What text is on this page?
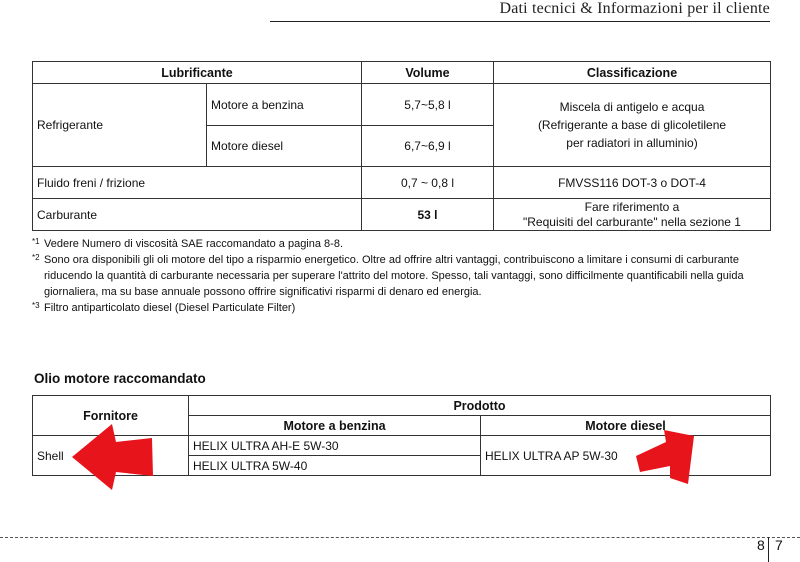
Dati tecnici & Informazioni per il cliente
Lubrificante		Volume	Classificazione
Refrigerante	Motore a benzina	5,7~5,8 l	Miscela di antigelo e acqua
(Refrigerante a base di glicoletilene
per radiatori in alluminio)

	Motore diesel	6,7~6,9 l	
Fluido freni / frizione		0,7 ~ 0,8 l	FMVSS116 DOT-3 o DOT-4
Carburante		53 l	Fare riferimento a
"Requisiti del carburante" nella sezione 1
*1 Vedere Numero di viscosità SAE raccomandato a pagina 8-8.
*2 Sono ora disponibili gli oli motore del tipo a risparmio energetico. Oltre ad offrire altri vantaggi, contribuiscono a limitare i consumi di carburante riducendo la quantità di carburante necessaria per superare l'attrito del motore. Spesso, tali vantaggi, sono difficilmente quantificabili nella guida giornaliera, ma su base annuale possono offrire significativi risparmi di denaro ed energia.
*3 Filtro antiparticolato diesel (Diesel Particulate Filter)
Olio motore raccomandato
Fornitore	Prodotto	
	Motore a benzina	Motore diesel
Shell	HELIX ULTRA AH-E 5W-30	HELIX ULTRA AP 5W-30
	HELIX ULTRA 5W-40	
8 7
